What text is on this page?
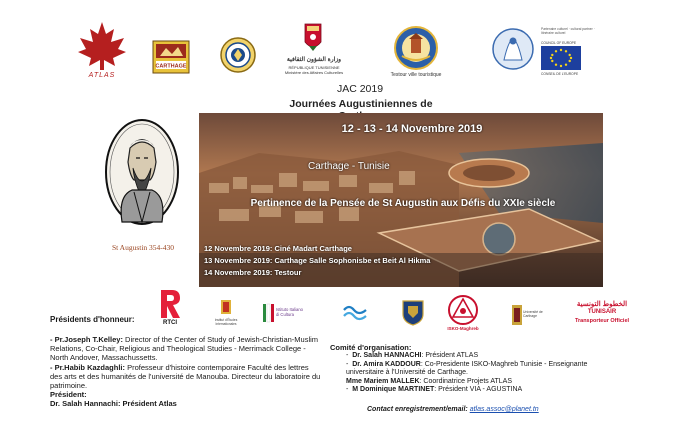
ATLAS
CARTHAGE
وزارة الشؤون الثقافية
RÉPUBLIQUE TUNISIENNE
Ministère des Affaires Culturelles	Testour ville touristique
Partenaire culturel · cultural partner · Itinéraire culturel
COUNCIL OF EUROPE
CONSEIL DE L'EUROPE
JAC 2019
Journées Augustiniennes de
St Augustin 354-430
12 - 13 - 14 Novembre 2019
Carthage - Tunisie
Pertinence de la Pensée de St Augustin aux Défis du XXIe siècle
12 Novembre 2019: Ciné Madart Carthage
13 Novembre 2019: Carthage Salle Sophonisbe et Beit Al Hikma
14 Novembre 2019: Testour
RTCI	Institut d'Études Internationales
Istituto Italiano di Cultura
ISKO-Maghreb
Université de Carthage
الخطوط التونسية
TUNISAIR
Transporteur Officiel
Présidents d'honneur:
- Pr.Joseph T.Kelley: Director of the Center of Study of Jewish-Christian-Muslim Relations, Co-Chair, Religious and Theological Studies - Merrimack College - North Andover, Massachussetts.
- Pr.Habib Kazdaghli: Professeur d'histoire contemporaire Faculté des lettres des arts et des humanités de l'université de Manouba. Directeur du laboratoire du patrimoine.
Président:
Dr. Salah Hannachi: Président Atlas
Comité d'organisation:
-  Dr. Salah HANNACHI: Président ATLAS
-  Dr. Amira KADDOUR: Co-Presidente ISKO-Maghreb Tunisie - Enseignante universitaire à l'Université de Carthage.
Mme Mariem MALLEK: Coordinatrice Projets ATLAS
-  M Dominique MARTINET: Président VIA - AGUSTINA
Contact enregistrement/email: atlas.assoc@planet.tn
